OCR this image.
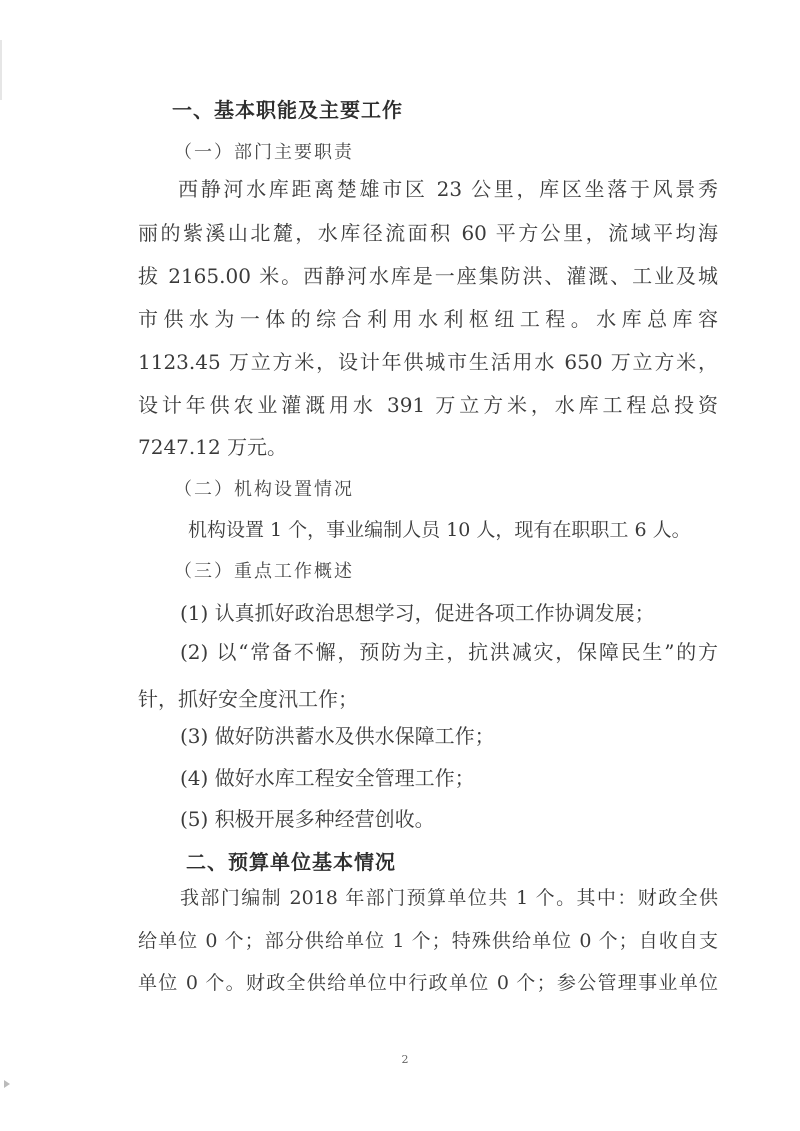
一、基本职能及主要工作
（一）部门主要职责
西静河水库距离楚雄市区 23 公里，库区坐落于风景秀
丽的紫溪山北麓，水库径流面积 60 平方公里，流域平均海
拔 2165.00 米。西静河水库是一座集防洪、灌溉、工业及城
市供水为一体的综合利用水利枢纽工程。水库总库容
1123.45 万立方米，设计年供城市生活用水 650 万立方米，
设计年供农业灌溉用水 391 万立方米，水库工程总投资
7247.12 万元。
（二）机构设置情况
机构设置 1 个，事业编制人员 10 人，现有在职职工 6 人。
（三）重点工作概述
(1) 认真抓好政治思想学习，促进各项工作协调发展；
(2) 以“常备不懈，预防为主，抗洪减灾，保障民生”的方
针，抓好安全度汛工作；
(3) 做好防洪蓄水及供水保障工作；
(4) 做好水库工程安全管理工作；
(5) 积极开展多种经营创收。
二、预算单位基本情况
我部门编制 2018 年部门预算单位共 1 个。其中：财政全供
给单位 0 个；部分供给单位 1 个；特殊供给单位 0 个；自收自支
单位 0 个。财政全供给单位中行政单位 0 个；参公管理事业单位
2
